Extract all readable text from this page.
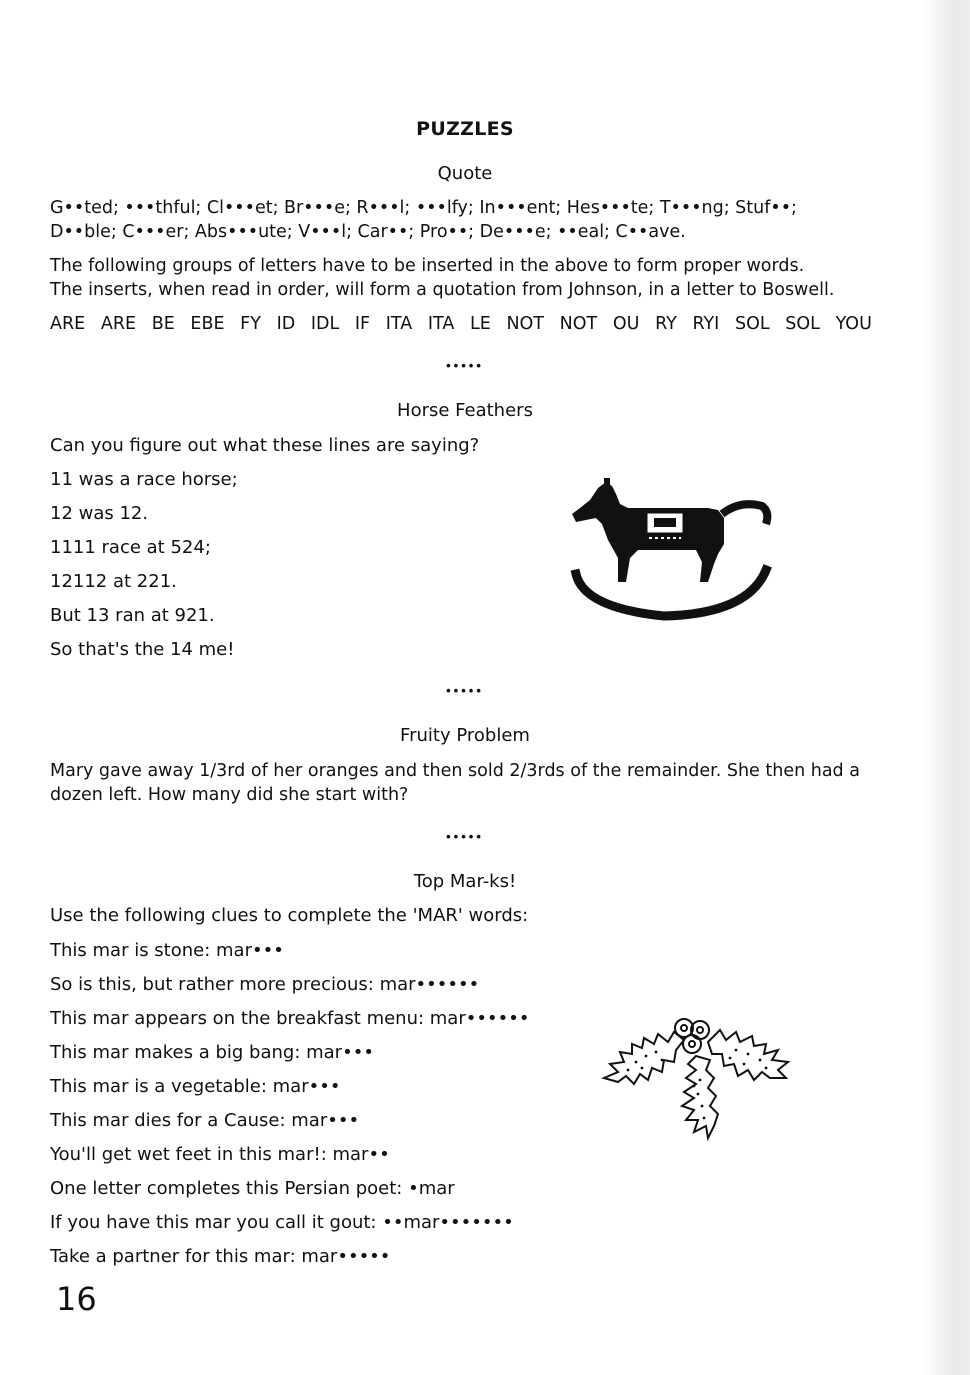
PUZZLES
Quote
G••ted; •••thful; Cl•••et; Br•••e; R•••l; •••lfy; In•••ent; Hes•••te; T•••ng; Stuf••;
D••ble; C•••er; Abs•••ute; V•••l; Car••; Pro••; De•••e; ••eal; C••ave.
The following groups of letters have to be inserted in the above to form proper words.
The inserts, when read in order, will form a quotation from Johnson, in a letter to Boswell.
ARE ARE BE EBE FY ID IDL IF ITA ITA LE NOT NOT OU RY RYI SOL SOL YOU
•••••
Horse Feathers
Can you figure out what these lines are saying?
11 was a race horse;
12 was 12.
1111 race at 524;
12112 at 221.
But 13 ran at 921.
So that's the 14 me!
•••••
Fruity Problem
Mary gave away 1/3rd of her oranges and then sold 2/3rds of the remainder. She then had a
dozen left. How many did she start with?
•••••
Top Mar-ks!
Use the following clues to complete the 'MAR' words:
This mar is stone: mar•••
So is this, but rather more precious: mar••••••
This mar appears on the breakfast menu: mar••••••
This mar makes a big bang: mar•••
This mar is a vegetable: mar•••
This mar dies for a Cause: mar•••
You'll get wet feet in this mar!: mar••
One letter completes this Persian poet: •mar
If you have this mar you call it gout: ••mar•••••••
Take a partner for this mar: mar•••••
16
